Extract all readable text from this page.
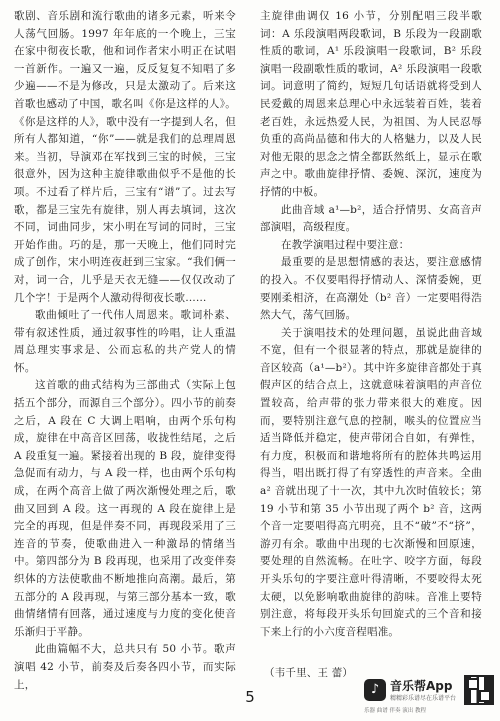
歌剧、音乐剧和流行歌曲的诸多元素，听来令人荡气回肠。1997 年年底的一个晚上，三宝在家中彻夜长歌，他和词作者宋小明正在试唱一首新作。一遍又一遍，反反复复不知唱了多少遍——不是为修改，只是太激动了。后来这首歌也感动了中国，歌名叫《你是这样的人》。《你是这样的人》，歌中没有一字提到人名，但所有人都知道，“你”——就是我们的总理周恩来。当初，导演邓在军找到三宝的时候，三宝很意外，因为这种主旋律歌曲似乎不是他的长项。不过看了样片后，三宝有“谱”了。过去写歌，都是三宝先有旋律，别人再去填词，这次不同，词曲同步，宋小明在写词的同时，三宝开始作曲。巧的是，那一天晚上，他们同时完成了创作，宋小明连夜赶到三宝家。“我们俩一对，词一合，儿乎是天衣无缝——仅仅改动了几个字！于是两个人激动得彻夜长歌……

歌曲倾吐了一代伟人周恩来。歌词朴素、带有叙述性质，通过叙事性的吟唱，让人重温周总理实事求是、公而忘私的共产党人的情怀。

这首歌的曲式结构为三部曲式（实际上包括五个部分，而源自三个部分）。四小节的前奏之后，A 段在 C 大调上唱响，由两个乐句构成，旋律在中高音区回荡，收拢性结尾，之后 A 段重复一遍。紧接着出现的 B 段，旋律变得急促而有动力，与 A 段一样，也由两个乐句构成，在两个高音上做了两次渐慢处理之后，歌曲又回到 A 段。这一再现的 A 段在旋律上是完全的再现，但是伴奏不同，再现段采用了三连音的节奏，使歌曲进入一种激昂的情绪当中。第四部分为 B 段再现，也采用了改变伴奏织体的方法使歌曲不断地推向高潮。最后，第五部分的 A 段再现，与第三部分基本一致，歌曲情绪情有回落，通过速度与力度的变化使音乐渐归于平静。

此曲篇幅不大，总共只有 50 小节。歌声演唱 42 小节，前奏及后奏各四小节，而实际上，

主旋律曲调仅 16 小节，分别配唱三段半歌词：A 乐段演唱两段歌词，B 乐段为一段副歌性质的歌词，A¹ 乐段演唱一段歌词，B² 乐段演唱一段副歌性质的歌词，A² 乐段演唱一段歌词。词意明了简约，短短几句话语就将受到人民爱戴的周恩来总理心中永远装着百姓，装着老百姓，永远热爱人民，为祖国、为人民忍辱负重的高尚品德和伟大的人格魅力，以及人民对他无限的思念之情全都跃然纸上，显示在歌声之中。歌曲旋律抒情、委婉、深沉，速度为抒情的中板。

此曲音域 a¹—b²，适合抒情男、女高音声部演唱，高级程度。

在教学演唱过程中要注意：

最重要的是思想情感的表达，要注意感情的投入。不仅要唱得抒情动人、深情委婉，更要刚柔相济，在高潮处（b² 音）一定要唱得浩然大气，荡气回肠。

关于演唱技术的处理问题，虽说此曲音域不宽，但有一个很显著的特点，那就是旋律的音区较高（a¹—b²）。其中许多旋律音都处于真假声区的结合点上，这就意味着演唱的声音位置较高，给声带的张力带来很大的难度。因而，要特别注意气息的控制，喉头的位置应当适当降低并稳定，使声带闭合自如，有弹性，有力度，积极而和谐地将所有的腔体共鸣运用得当，唱出既打得了有穿透性的声音来。全曲 a² 音就出现了十一次，其中九次时值较长；第 19 小节和第 35 小节出现了两个 b² 音，这两个音一定要唱得高亢明亮，且不“破”不“挤”，游刃有余。歌曲中出现的七次渐慢和回原速，要处理的自然流畅。在吐字、咬字方面，每段开头乐句的字要注意叶得清晰，不要咬得太死太硬，以免影响歌曲旋律的韵味。音准上要特别注意，将每段开头乐句回旋式的三个音和接下来上行的小六度音程唱准。

（韦千里、王 蕾）

5	♪ 音乐帮App
精精彩乐谱尽在乐谱平台
乐器 曲谱 伴奏 演出 教程
